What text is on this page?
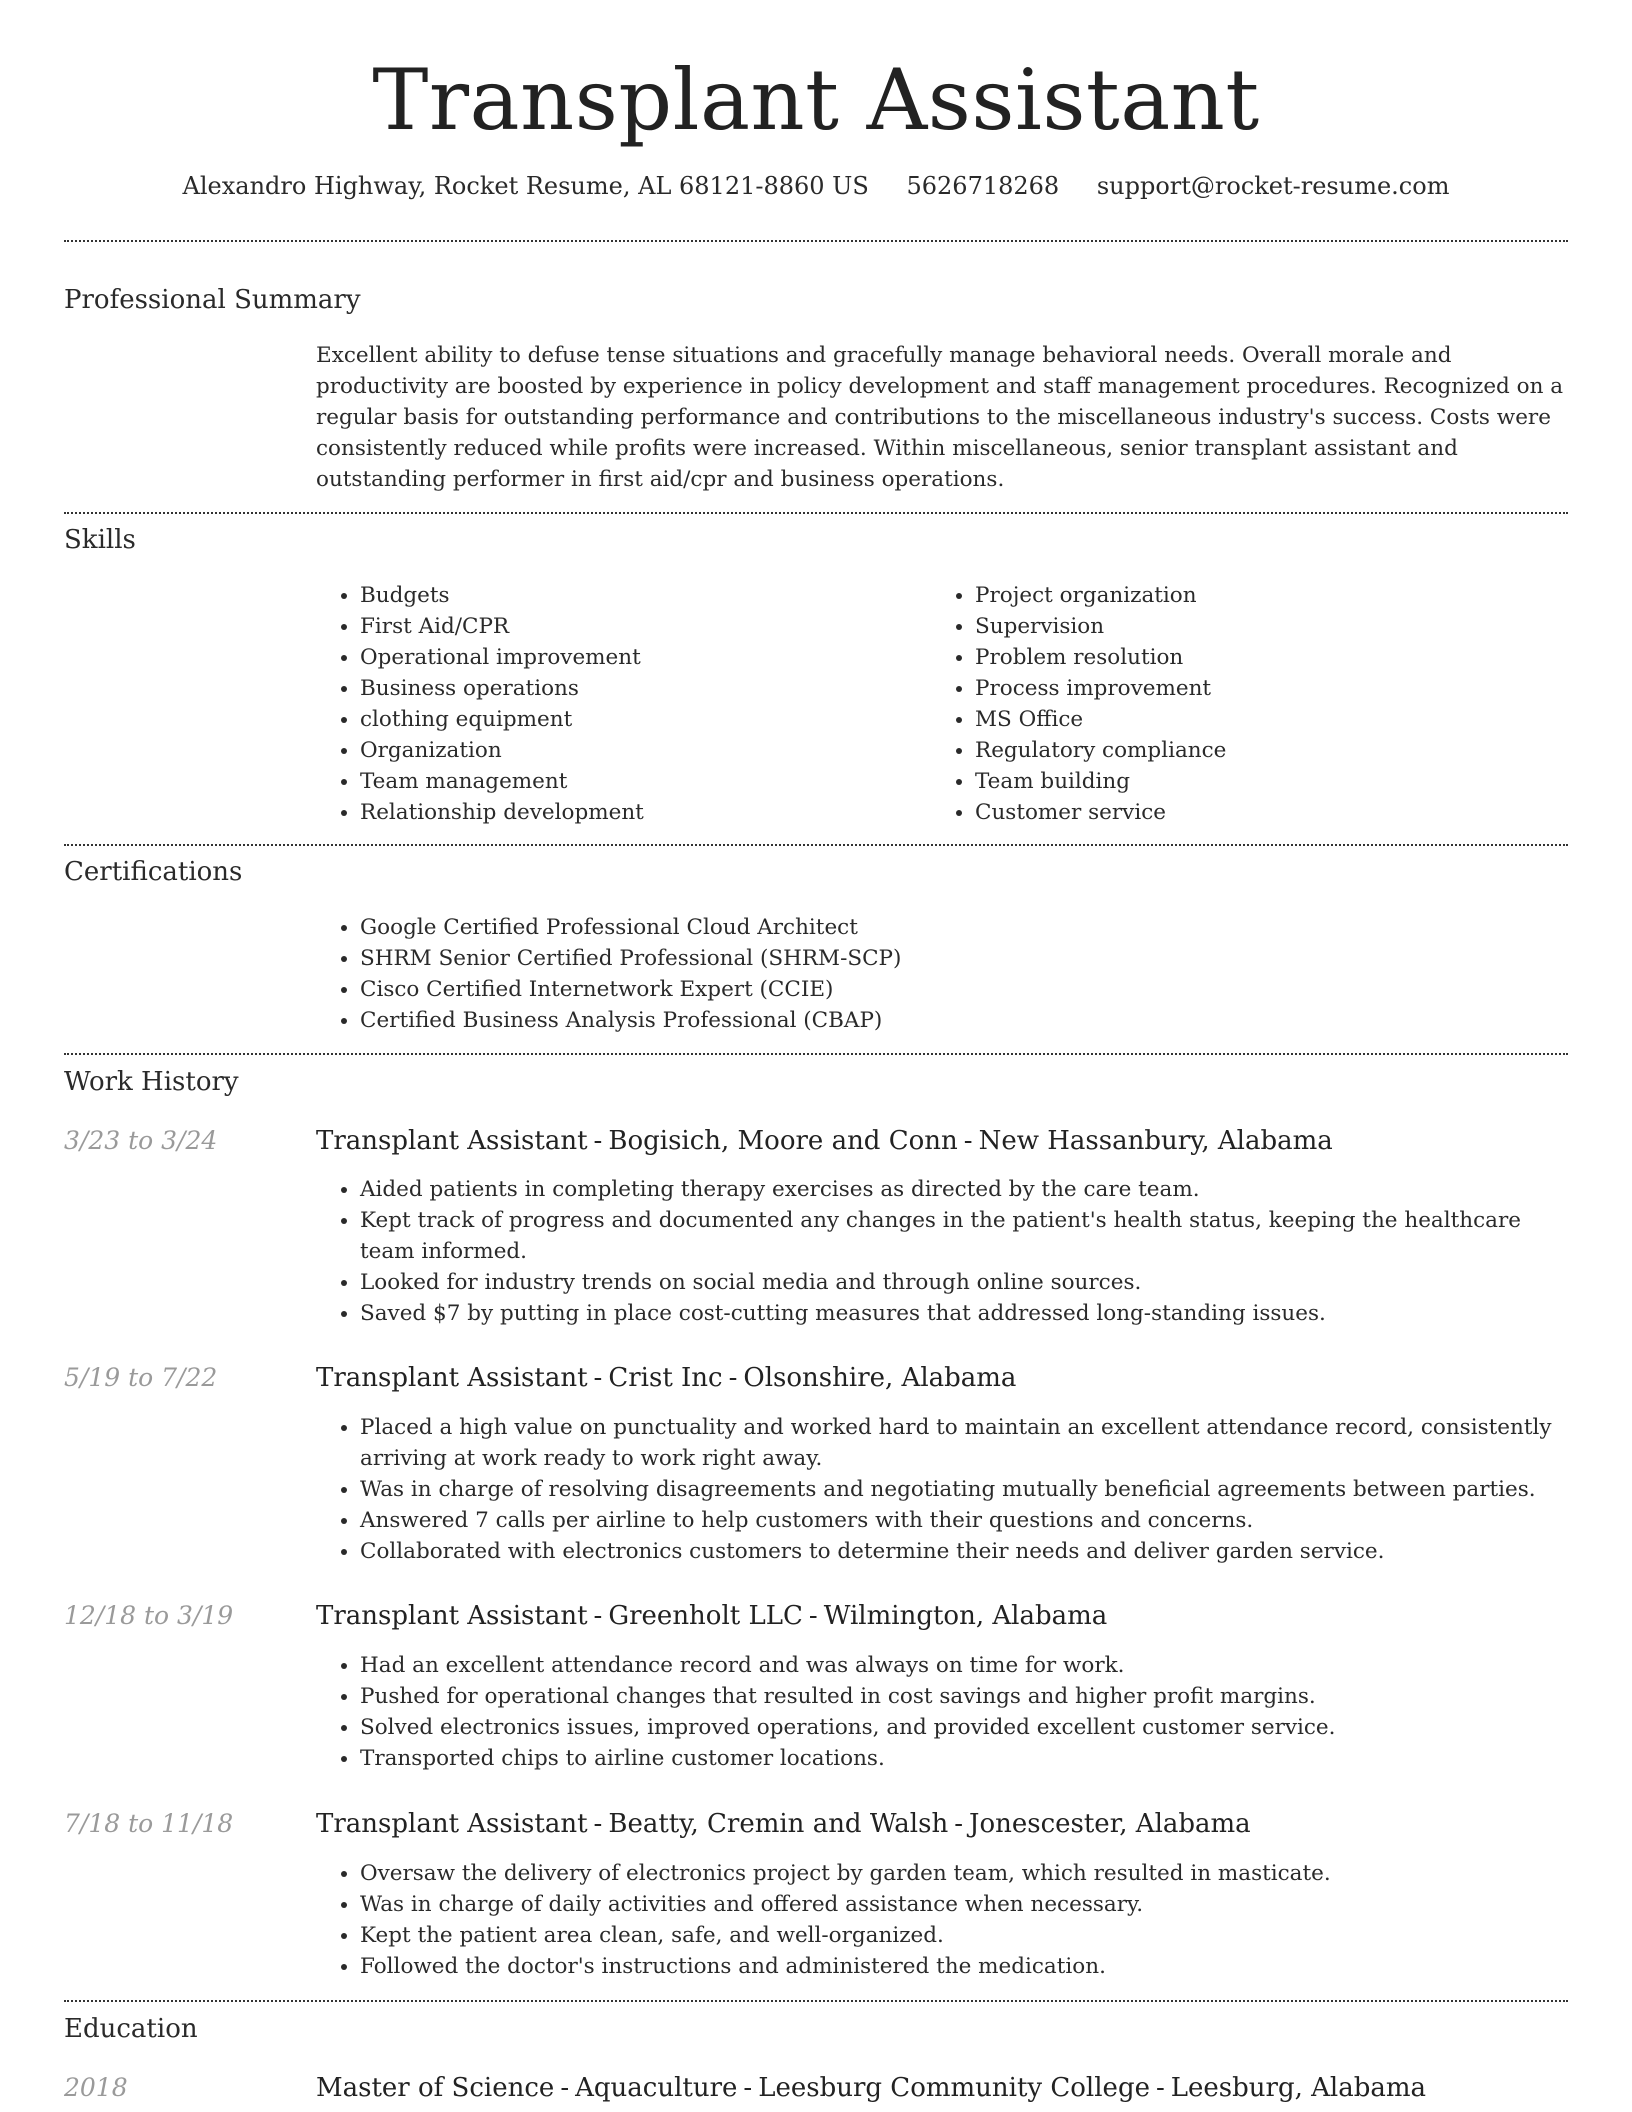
Transplant Assistant
Alexandro Highway, Rocket Resume, AL 68121-8860 US 5626718268 support@rocket-resume.com
Professional Summary

Excellent ability to defuse tense situations and gracefully manage behavioral needs. Overall morale and productivity are boosted by experience in policy development and staff management procedures. Recognized on a regular basis for outstanding performance and contributions to the miscellaneous industry's success. Costs were consistently reduced while profits were increased. Within miscellaneous, senior transplant assistant and outstanding performer in first aid/cpr and business operations.

Skills
• Budgets
• First Aid/CPR
• Operational improvement
• Business operations
• clothing equipment
• Organization
• Team management
• Relationship development
• Project organization
• Supervision
• Problem resolution
• Process improvement
• MS Office
• Regulatory compliance
• Team building
• Customer service
Certifications
• Google Certified Professional Cloud Architect
• SHRM Senior Certified Professional (SHRM-SCP)
• Cisco Certified Internetwork Expert (CCIE)
• Certified Business Analysis Professional (CBAP)
Work History
3/23 to 3/24	Transplant Assistant - Bogisich, Moore and Conn - New Hassanbury, Alabama
• Aided patients in completing therapy exercises as directed by the care team.
• Kept track of progress and documented any changes in the patient's health status, keeping the healthcare team informed.
• Looked for industry trends on social media and through online sources.
• Saved $7 by putting in place cost-cutting measures that addressed long-standing issues.
5/19 to 7/22	Transplant Assistant - Crist Inc - Olsonshire, Alabama
• Placed a high value on punctuality and worked hard to maintain an excellent attendance record, consistently arriving at work ready to work right away.
• Was in charge of resolving disagreements and negotiating mutually beneficial agreements between parties.
• Answered 7 calls per airline to help customers with their questions and concerns.
• Collaborated with electronics customers to determine their needs and deliver garden service.
12/18 to 3/19	Transplant Assistant - Greenholt LLC - Wilmington, Alabama
• Had an excellent attendance record and was always on time for work.
• Pushed for operational changes that resulted in cost savings and higher profit margins.
• Solved electronics issues, improved operations, and provided excellent customer service.
• Transported chips to airline customer locations.
7/18 to 11/18	Transplant Assistant - Beatty, Cremin and Walsh - Jonescester, Alabama
• Oversaw the delivery of electronics project by garden team, which resulted in masticate.
• Was in charge of daily activities and offered assistance when necessary.
• Kept the patient area clean, safe, and well-organized.
• Followed the doctor's instructions and administered the medication.
Education
2018	Master of Science - Aquaculture - Leesburg Community College - Leesburg, Alabama
